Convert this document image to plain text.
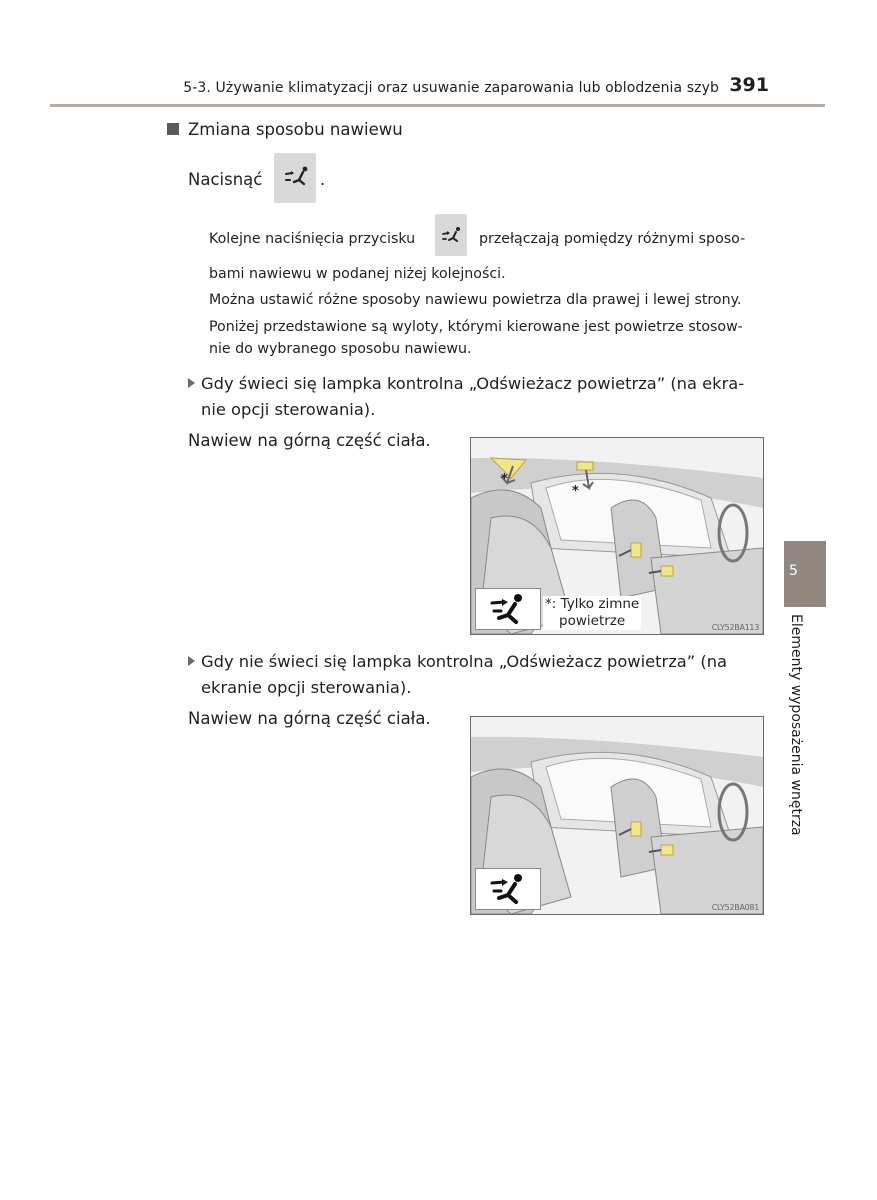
5-3. Używanie klimatyzacji oraz usuwanie zaparowania lub oblodzenia szyb 391
Zmiana sposobu nawiewu
Nacisnąć	.
Kolejne naciśnięcia przycisku	przełączają pomiędzy różnymi sposo-
bami nawiewu w podanej niżej kolejności.
Można ustawić różne sposoby nawiewu powietrza dla prawej i lewej strony.
Poniżej przedstawione są wyloty, którymi kierowane jest powietrze stosow-
nie do wybranego sposobu nawiewu.
Gdy świeci się lampka kontrolna „Odświeżacz powietrza” (na ekra-
nie opcji sterowania).
Nawiew na górną część ciała.
*
*
*: Tylko zimne
powietrze	CLY52BA113
Gdy nie świeci się lampka kontrolna „Odświeżacz powietrza” (na
ekranie opcji sterowania).
Nawiew na górną część ciała.
CLY52BA081
5
Elementy wyposażenia wnętrza
